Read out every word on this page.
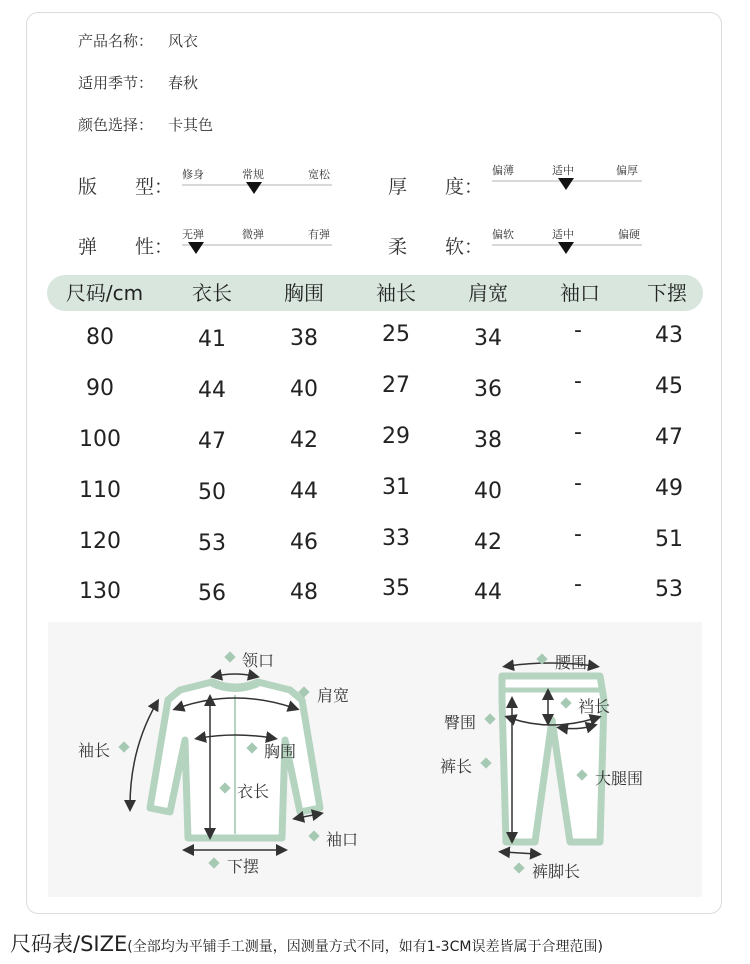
产品名称： 风衣
适用季节： 春秋
颜色选择： 卡其色
版　　型：
修身	常规	宽松
厚　　度：
偏薄	适中	偏厚
弹　　性：
无弹	微弹	有弹
柔　　软：
偏软	适中	偏硬
尺码/cm	衣长	胸围	袖长	肩宽	袖口	下摆
80	41	38	25	34	-	43
90	44	40	27	36	-	45
100	47	42	29	38	-	47
110	50	44	31	40	-	49
120	53	46	33	42	-	51
130	56	48	35	44	-	53
领口
肩宽
袖长	胸围
衣长
袖口
下摆
腰围
裆长
臀围
裤长
大腿围
裤脚长
尺码表/SIZE(全部均为平铺手工测量，因测量方式不同，如有1-3CM误差皆属于合理范围)
